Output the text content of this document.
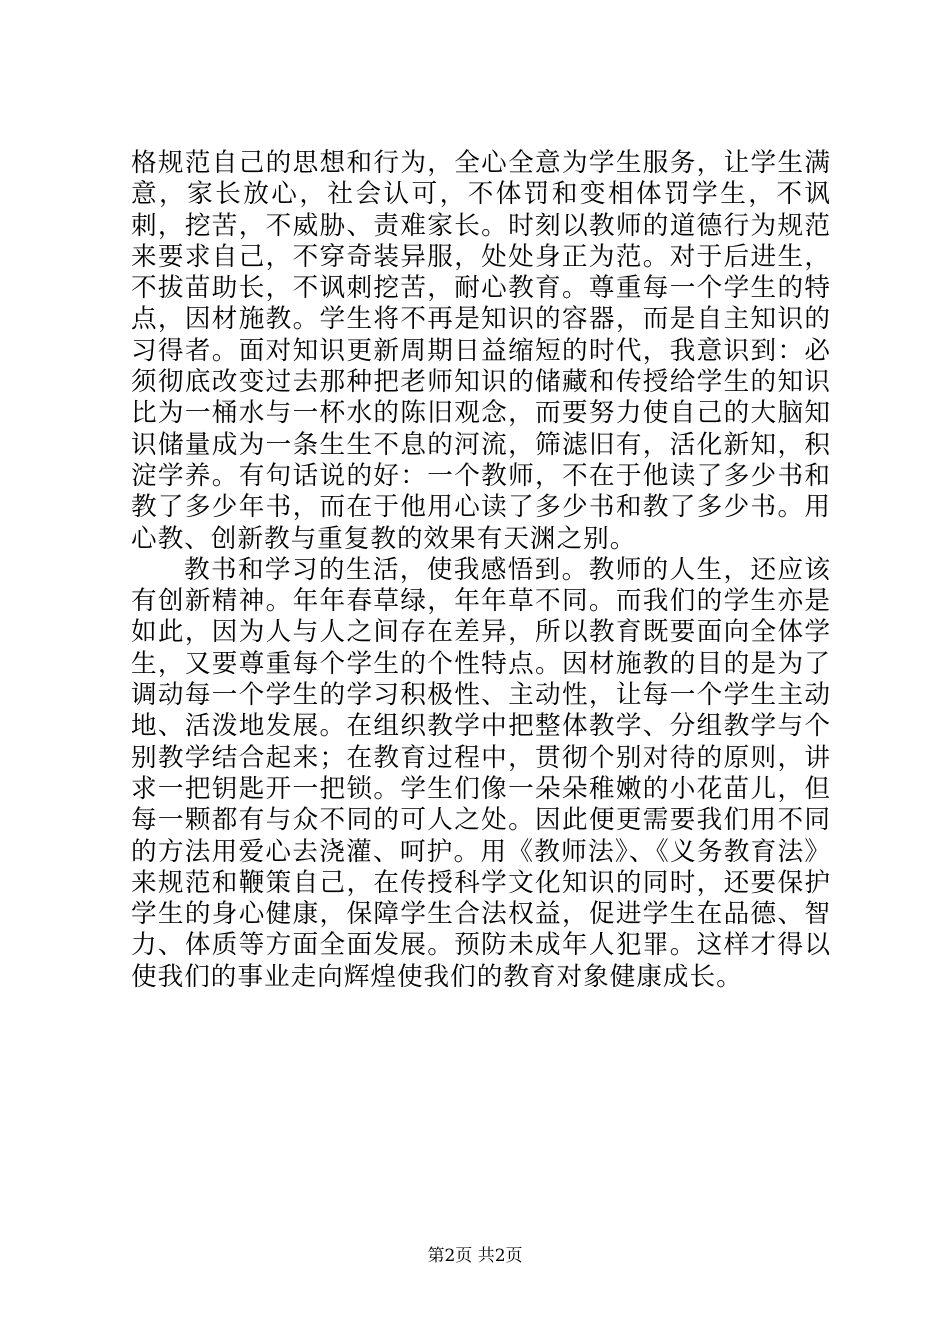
格规范自己的思想和行为，全心全意为学生服务，让学生满意，家长放心，社会认可，不体罚和变相体罚学生，不讽刺，挖苦，不威胁、责难家长。时刻以教师的道德行为规范来要求自己，不穿奇装异服，处处身正为范。对于后进生，不拔苗助长，不讽刺挖苦，耐心教育。尊重每一个学生的特点，因材施教。学生将不再是知识的容器，而是自主知识的习得者。面对知识更新周期日益缩短的时代，我意识到：必须彻底改变过去那种把老师知识的储藏和传授给学生的知识比为一桶水与一杯水的陈旧观念，而要努力使自己的大脑知识储量成为一条生生不息的河流，筛滤旧有，活化新知，积淀学养。有句话说的好：一个教师，不在于他读了多少书和教了多少年书，而在于他用心读了多少书和教了多少书。用心教、创新教与重复教的效果有天渊之别。

教书和学习的生活，使我感悟到。教师的人生，还应该有创新精神。年年春草绿，年年草不同。而我们的学生亦是如此，因为人与人之间存在差异，所以教育既要面向全体学生，又要尊重每个学生的个性特点。因材施教的目的是为了调动每一个学生的学习积极性、主动性，让每一个学生主动地、活泼地发展。在组织教学中把整体教学、分组教学与个别教学结合起来；在教育过程中，贯彻个别对待的原则，讲求一把钥匙开一把锁。学生们像一朵朵稚嫩的小花苗儿，但每一颗都有与众不同的可人之处。因此便更需要我们用不同的方法用爱心去浇灌、呵护。用《教师法》、《义务教育法》来规范和鞭策自己，在传授科学文化知识的同时，还要保护学生的身心健康，保障学生合法权益，促进学生在品德、智力、体质等方面全面发展。预防未成年人犯罪。这样才得以使我们的事业走向辉煌使我们的教育对象健康成长。

第2页 共2页
